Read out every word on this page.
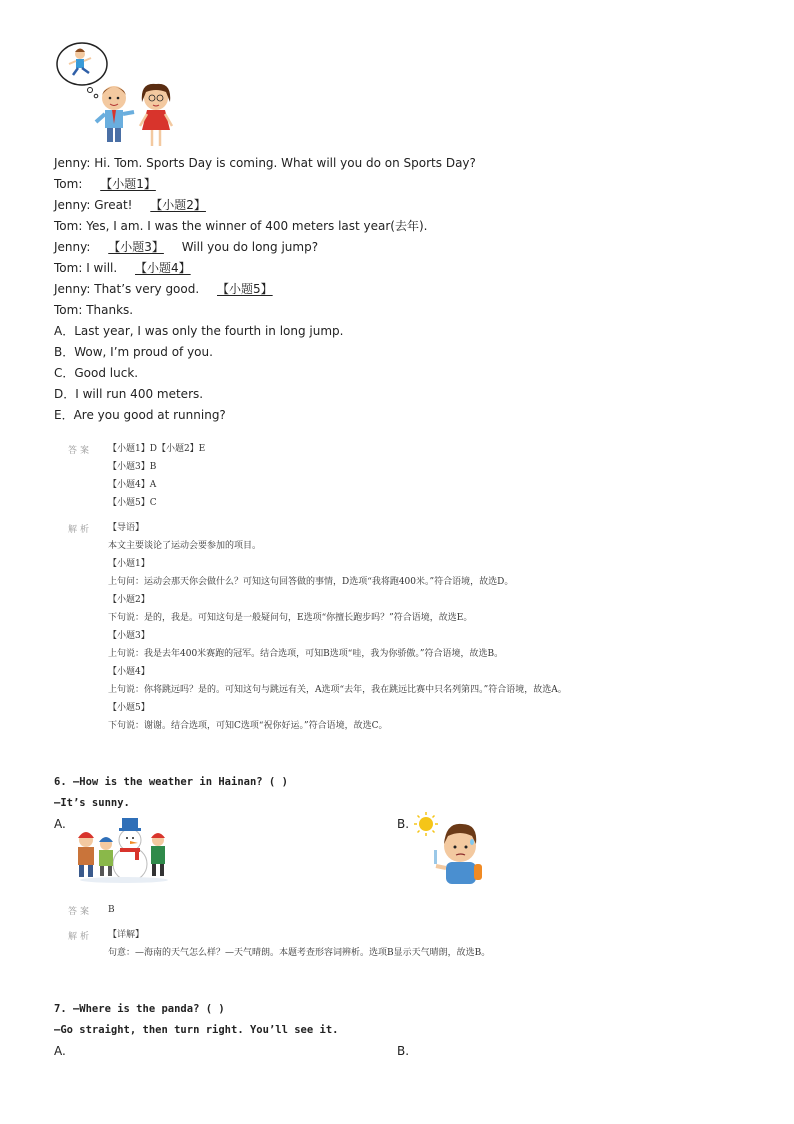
Jenny: Hi. Tom. Sports Day is coming. What will you do on Sports Day?
Tom: 【小题1】
Jenny: Great! 【小题2】
Tom: Yes, I am. I was the winner of 400 meters last year(去年).
Jenny: 【小题3】 Will you do long jump?
Tom: I will. 【小题4】
Jenny: That’s very good. 【小题5】
Tom: Thanks.
A．Last year, I was only the fourth in long jump.
B．Wow, I’m proud of you.
C．Good luck.
D．I will run 400 meters.
E．Are you good at running?
答案 【小题1】D【小题2】E
【小题3】B
【小题4】A
【小题5】C
解析 【导语】
本文主要谈论了运动会要参加的项目。
【小题1】
上句问：运动会那天你会做什么？可知这句回答做的事情，D选项“我将跑400米。”符合语境，故选D。
【小题2】
下句说：是的，我是。可知这句是一般疑问句，E选项“你擅长跑步吗？”符合语境，故选E。
【小题3】
上句说：我是去年400米赛跑的冠军。结合选项，可知B选项“哇，我为你骄傲。”符合语境，故选B。
【小题4】
上句说：你将跳远吗？是的。可知这句与跳远有关，A选项“去年，我在跳远比赛中只名列第四。”符合语境，故选A。
【小题5】
下句说：谢谢。结合选项，可知C选项“祝你好运。”符合语境，故选C。
6. —How is the weather in Hainan? ( )
—It’s sunny.
A.	B.
答案 B
解析 【详解】
句意：—海南的天气怎么样？—天气晴朗。本题考查形容词辨析。选项B显示天气晴朗，故选B。
7. —Where is the panda? ( )
—Go straight, then turn right. You’ll see it.
A.	B.
